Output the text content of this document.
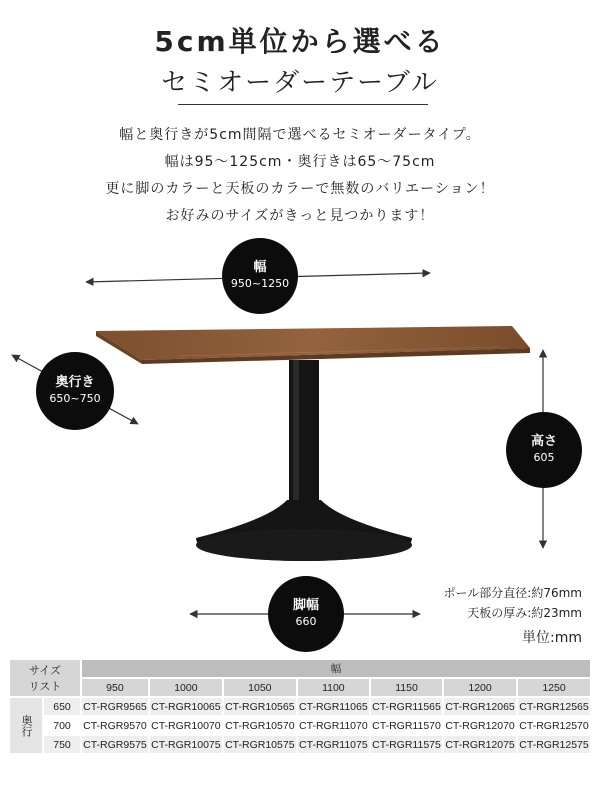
5cm単位から選べる
セミオーダーテーブル
幅と奥行きが5cm間隔で選べるセミオーダータイプ。
幅は95〜125cm・奥行きは65〜75cm
更に脚のカラーと天板のカラーで無数のバリエーション！
お好みのサイズがきっと見つかります！
幅
950~1250
奥行き
650~750
高さ
605
脚幅
660
ポール部分直径:約76mm
天板の厚み:約23mm
単位:mm
サイズ
リスト		幅						
		950	1000	1050	1100	1150	1200	1250
奥行	650	CT-RGR9565	CT-RGR10065	CT-RGR10565	CT-RGR11065	CT-RGR11565	CT-RGR12065	CT-RGR12565
	700	CT-RGR9570	CT-RGR10070	CT-RGR10570	CT-RGR11070	CT-RGR11570	CT-RGR12070	CT-RGR12570
	750	CT-RGR9575	CT-RGR10075	CT-RGR10575	CT-RGR11075	CT-RGR11575	CT-RGR12075	CT-RGR12575
